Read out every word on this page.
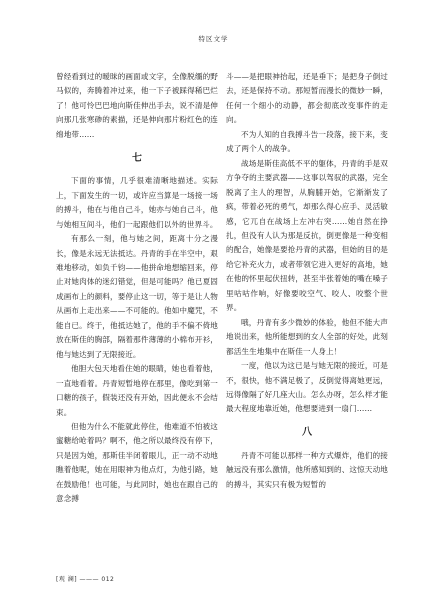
特区文学

曾经看到过的暧昧的画面或文字，全像脱缰的野马似的，奔腾着冲过来，他一下子被踩得稀巴烂了！他可怜巴巴地向斯佳伸出手去，说不清是伸向那几张寒碜的素描，还是伸向那片粉红色的连绵地带……

七

下面的事情，几乎很难清晰地描述。实际上，下面发生的一切，或许应当算是一场接一场的搏斗，他在与他自己斗，她亦与她自己斗，他与她相互间斗，他们一起跟他们以外的世界斗。

有那么一刻，他与她之间，距离十分之漫长，像是永远无法抵达。丹青的手在半空中，艰难地移动，如负千钧——他拼命地想缩回来，停止对她肉体的迷幻错觉，但是可能吗？他已夏固成画布上的颜料，要停止这一切，等于是让人物从画布上走出来——不可能的。他如中魔咒，不能自已。终于，他抵达她了，他的手不偏不倚地放在斯佳的胸部，隔着那件薄薄的小棉布开衫，他与她达到了无限接近。

他胆大包天地看住她的眼睛，她也看着他，一直地看着。丹青短暂地停在那里，像吃到第一口糖的孩子，假装还没有开始，因此便永不会结束。

但他为什么不能就此停住，他难道不怕被这蜜糖给呛着吗？啊不，他之所以最终没有停下，只是因为她，那斯佳半闭着眼儿，正一动不动地瞧着他呢，她在用眼神为他点灯，为他引路，她在鼓励他！也可能，与此同时，她也在跟自己的意念搏

斗——是把眼神抬起，还是垂下；是把身子倒过去，还是保持不动。那短暂而漫长的微妙一瞬，任何一个细小的动静，都会彻底改变事件的走向。

不为人知的自我搏斗告一段落，接下来，变成了两个人的战争。

战场是斯佳高低不平的躯体，丹青的手是双方争夺的主要武器——这事以驾驭的武器，完全脱离了主人的理智，从胸脯开始，它渐渐发了疯，带着必死的勇气，却那么得心应手、灵活敏感，它兀自在战场上左冲右突……她自然在挣扎，但没有人认为那是反抗，倒更像是一种变相的配合，她像是要抢丹青的武器，但始的目的是给它补充火力，或者带领它进入更好的高地，她在他的怀里起伏扭转，甚至半张着她的嘴在嗓子里咕咕作响，好像要咬空气、咬人、咬整个世界。

哦，丹青有多少微妙的体验，他但不能大声地说出来，他所能想到的女人全部的好处，此刻都活生生地集中在斯佳一人身上！

一度，他以为这已是与她无限的接近，可是不，很快，他不满足极了，反倒觉得离她更远，远得像隔了好几座大山。怎么办呀，怎么样才能最大程度地靠近她，他想要进到一扇门……

八

丹青不可能以那样一种方式爆炸，他们的接触远没有那么激情，他所感知到的、这惊天动地的搏斗，其实只有极为短暂的

[观 澜] ——— 012
